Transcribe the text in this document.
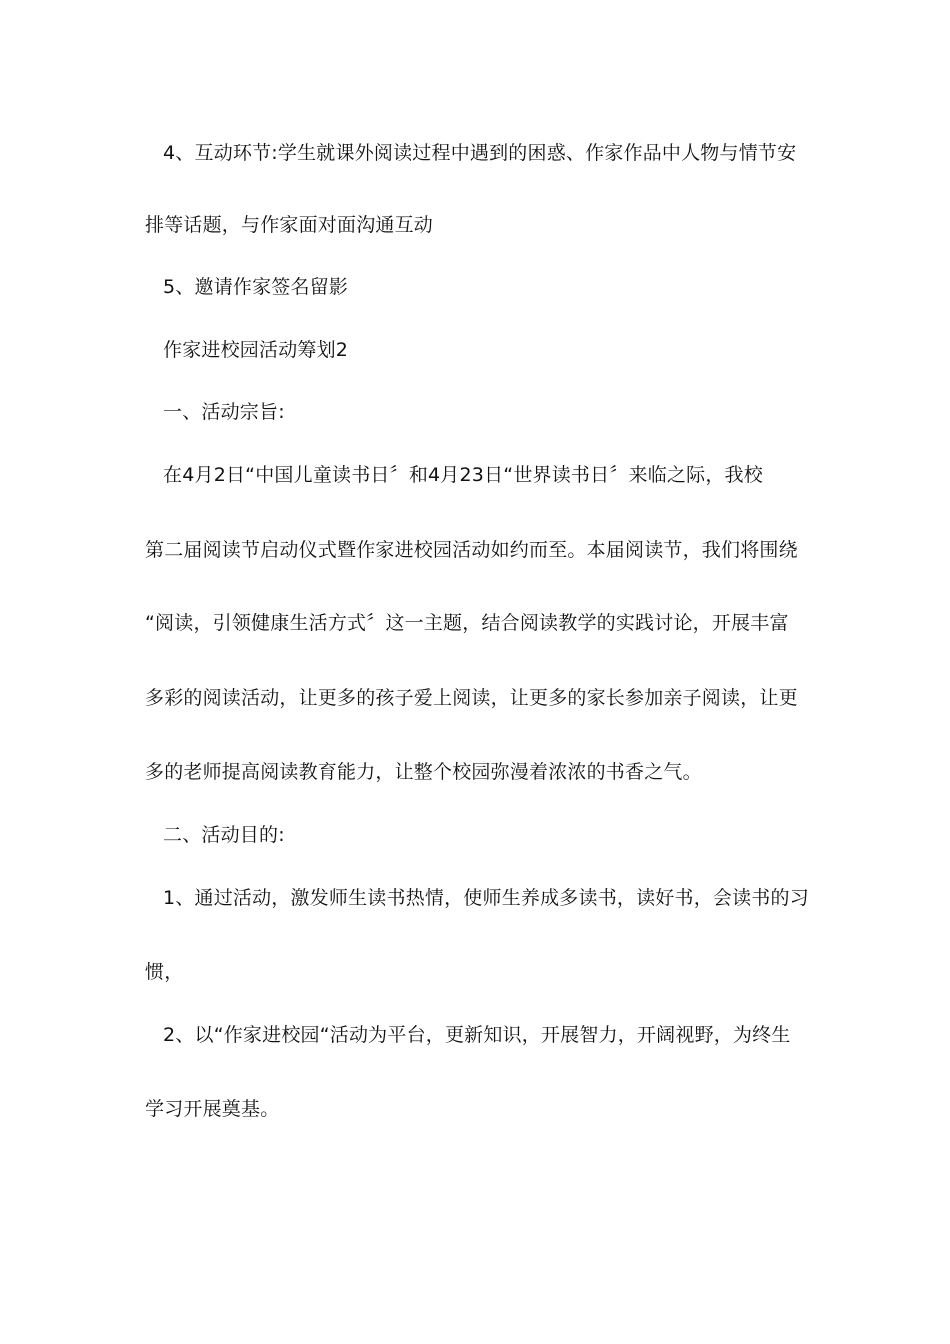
4、互动环节:学生就课外阅读过程中遇到的困惑、作家作品中人物与情节安
排等话题，与作家面对面沟通互动
5、邀请作家签名留影
作家进校园活动筹划2
一、活动宗旨:
在4月2日“中国儿童读书日〞和4月23日“世界读书日〞来临之际，我校
第二届阅读节启动仪式暨作家进校园活动如约而至。本届阅读节，我们将围绕
“阅读，引领健康生活方式〞这一主题，结合阅读教学的实践讨论，开展丰富
多彩的阅读活动，让更多的孩子爱上阅读，让更多的家长参加亲子阅读，让更
多的老师提高阅读教育能力，让整个校园弥漫着浓浓的书香之气。
二、活动目的:
1、通过活动，激发师生读书热情，使师生养成多读书，读好书，会读书的习
惯，
2、以“作家进校园“活动为平台，更新知识，开展智力，开阔视野，为终生
学习开展奠基。
